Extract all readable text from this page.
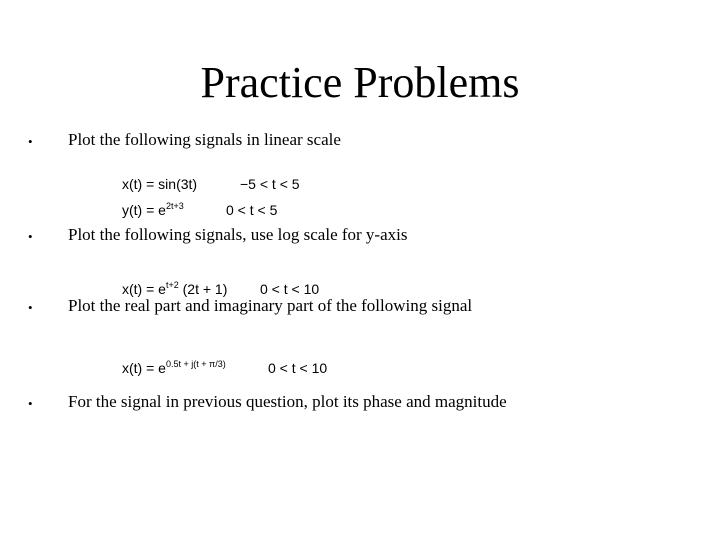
Practice Problems
• Plot the following signals in linear scale
x(t) = sin(3t)	−5 < t < 5
$y(t) = e^{2t+3}$	0 < t < 5
• Plot the following signals, use log scale for y-axis
$x(t) = e^{t+2}$ (2t + 1) 0 < t < 10
• Plot the real part and imaginary part of the following signal
$x(t) = e^{0.5t + j(t + \pi/3)}$	0 < t < 10
• For the signal in previous question, plot its phase and magnitude
